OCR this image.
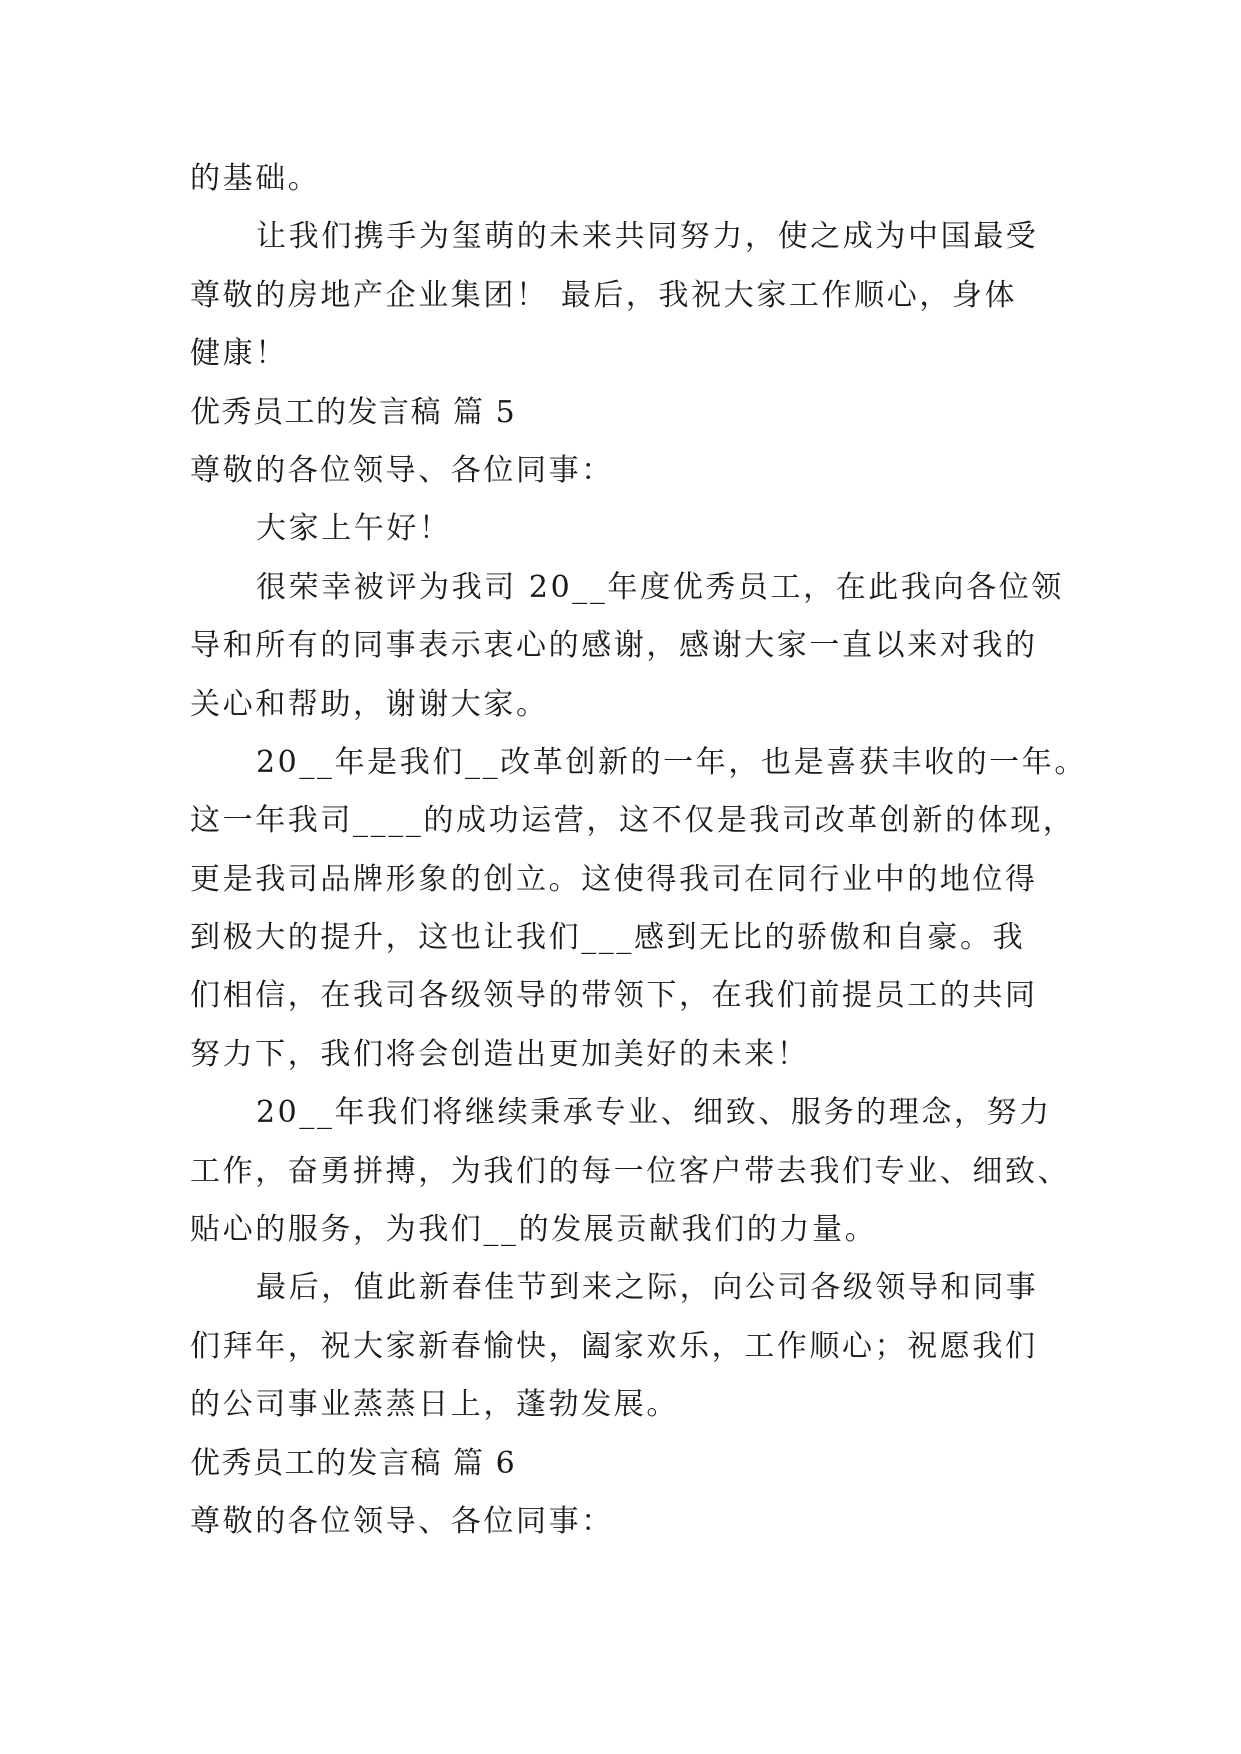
的基础。
让我们携手为玺萌的未来共同努力，使之成为中国最受
尊敬的房地产企业集团！ 最后，我祝大家工作顺心，身体
健康！
优秀员工的发言稿 篇 5
尊敬的各位领导、各位同事：
大家上午好！
很荣幸被评为我司 20__年度优秀员工，在此我向各位领
导和所有的同事表示衷心的感谢，感谢大家一直以来对我的
关心和帮助，谢谢大家。
20__年是我们__改革创新的一年，也是喜获丰收的一年。
这一年我司____的成功运营，这不仅是我司改革创新的体现，
更是我司品牌形象的创立。这使得我司在同行业中的地位得
到极大的提升，这也让我们___感到无比的骄傲和自豪。我
们相信，在我司各级领导的带领下，在我们前提员工的共同
努力下，我们将会创造出更加美好的未来！
20__年我们将继续秉承专业、细致、服务的理念，努力
工作，奋勇拼搏，为我们的每一位客户带去我们专业、细致、
贴心的服务，为我们__的发展贡献我们的力量。
最后，值此新春佳节到来之际，向公司各级领导和同事
们拜年，祝大家新春愉快，阖家欢乐，工作顺心；祝愿我们
的公司事业蒸蒸日上，蓬勃发展。
优秀员工的发言稿 篇 6
尊敬的各位领导、各位同事：
